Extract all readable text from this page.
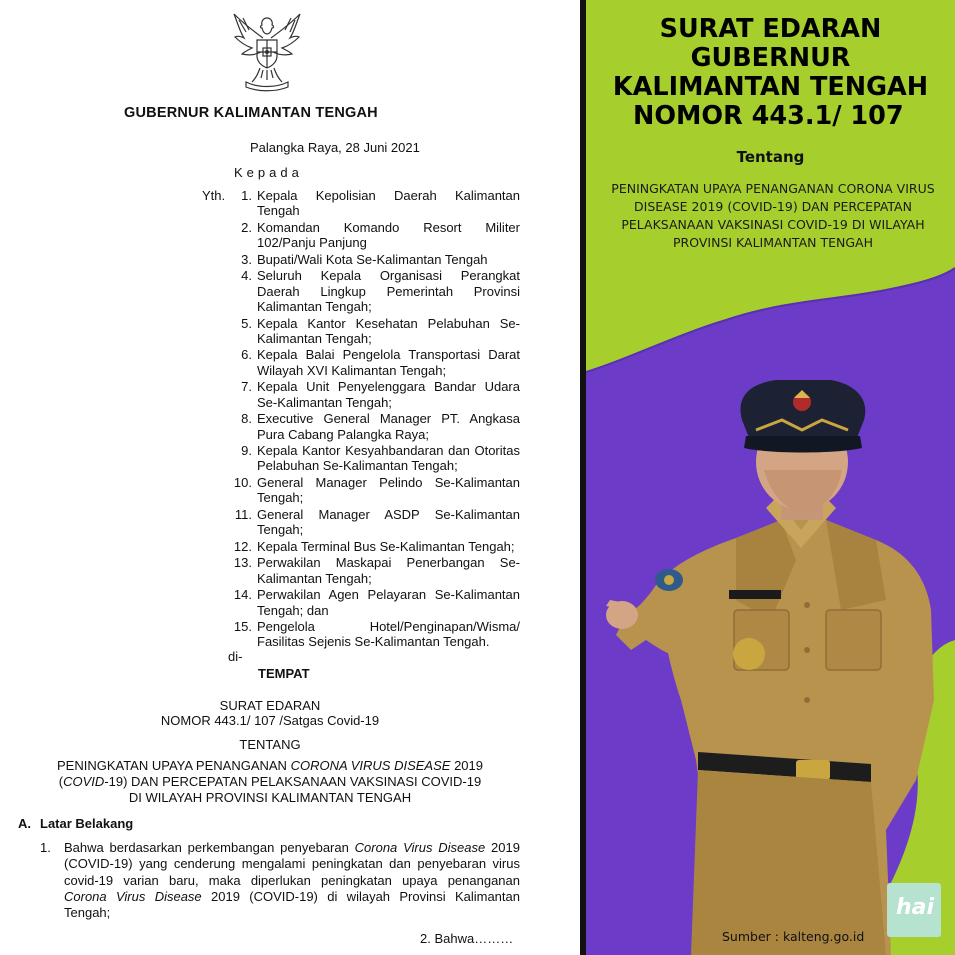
GUBERNUR KALIMANTAN TENGAH
Palangka Raya, 28 Juni 2021
Kepada
Yth.	1. Kepala Kepolisian Daerah Kalimantan Tengah
2. Komandan Komando Resort Militer 102/Panju Panjung
3. Bupati/Wali Kota Se-Kalimantan Tengah
4. Seluruh Kepala Organisasi Perangkat Daerah Lingkup Pemerintah Provinsi Kalimantan Tengah;
5. Kepala Kantor Kesehatan Pelabuhan Se-Kalimantan Tengah;
6. Kepala Balai Pengelola Transportasi Darat Wilayah XVI Kalimantan Tengah;
7. Kepala Unit Penyelenggara Bandar Udara Se-Kalimantan Tengah;
8. Executive General Manager PT. Angkasa Pura Cabang Palangka Raya;
9. Kepala Kantor Kesyahbandaran dan Otoritas Pelabuhan Se-Kalimantan Tengah;
10. General Manager Pelindo Se-Kalimantan Tengah;
11. General Manager ASDP Se-Kalimantan Tengah;
12. Kepala Terminal Bus Se-Kalimantan Tengah;
13. Perwakilan Maskapai Penerbangan Se-Kalimantan Tengah;
14. Perwakilan Agen Pelayaran Se-Kalimantan Tengah; dan
15. Pengelola Hotel/Penginapan/Wisma/ Fasilitas Sejenis Se-Kalimantan Tengah.
di-
TEMPAT
SURAT EDARAN
NOMOR 443.1/ 107 /Satgas Covid-19
TENTANG
PENINGKATAN UPAYA PENANGANAN CORONA VIRUS DISEASE 2019
(COVID-19) DAN PERCEPATAN PELAKSANAAN VAKSINASI COVID-19
DI WILAYAH PROVINSI KALIMANTAN TENGAH
A. Latar Belakang
1. Bahwa berdasarkan perkembangan penyebaran Corona Virus Disease 2019 (COVID-19) yang cenderung mengalami peningkatan dan penyebaran virus covid-19 varian baru, maka diperlukan peningkatan upaya penanganan Corona Virus Disease 2019 (COVID-19) di wilayah Provinsi Kalimantan Tengah;
2. Bahwa………
SURAT EDARAN
GUBERNUR
KALIMANTAN TENGAH
NOMOR 443.1/ 107
Tentang
PENINGKATAN UPAYA PENANGANAN CORONA VIRUS DISEASE 2019 (COVID-19) DAN PERCEPATAN PELAKSANAAN VAKSINASI COVID-19 DI WILAYAH PROVINSI KALIMANTAN TENGAH
Sumber : kalteng.go.id
hai
